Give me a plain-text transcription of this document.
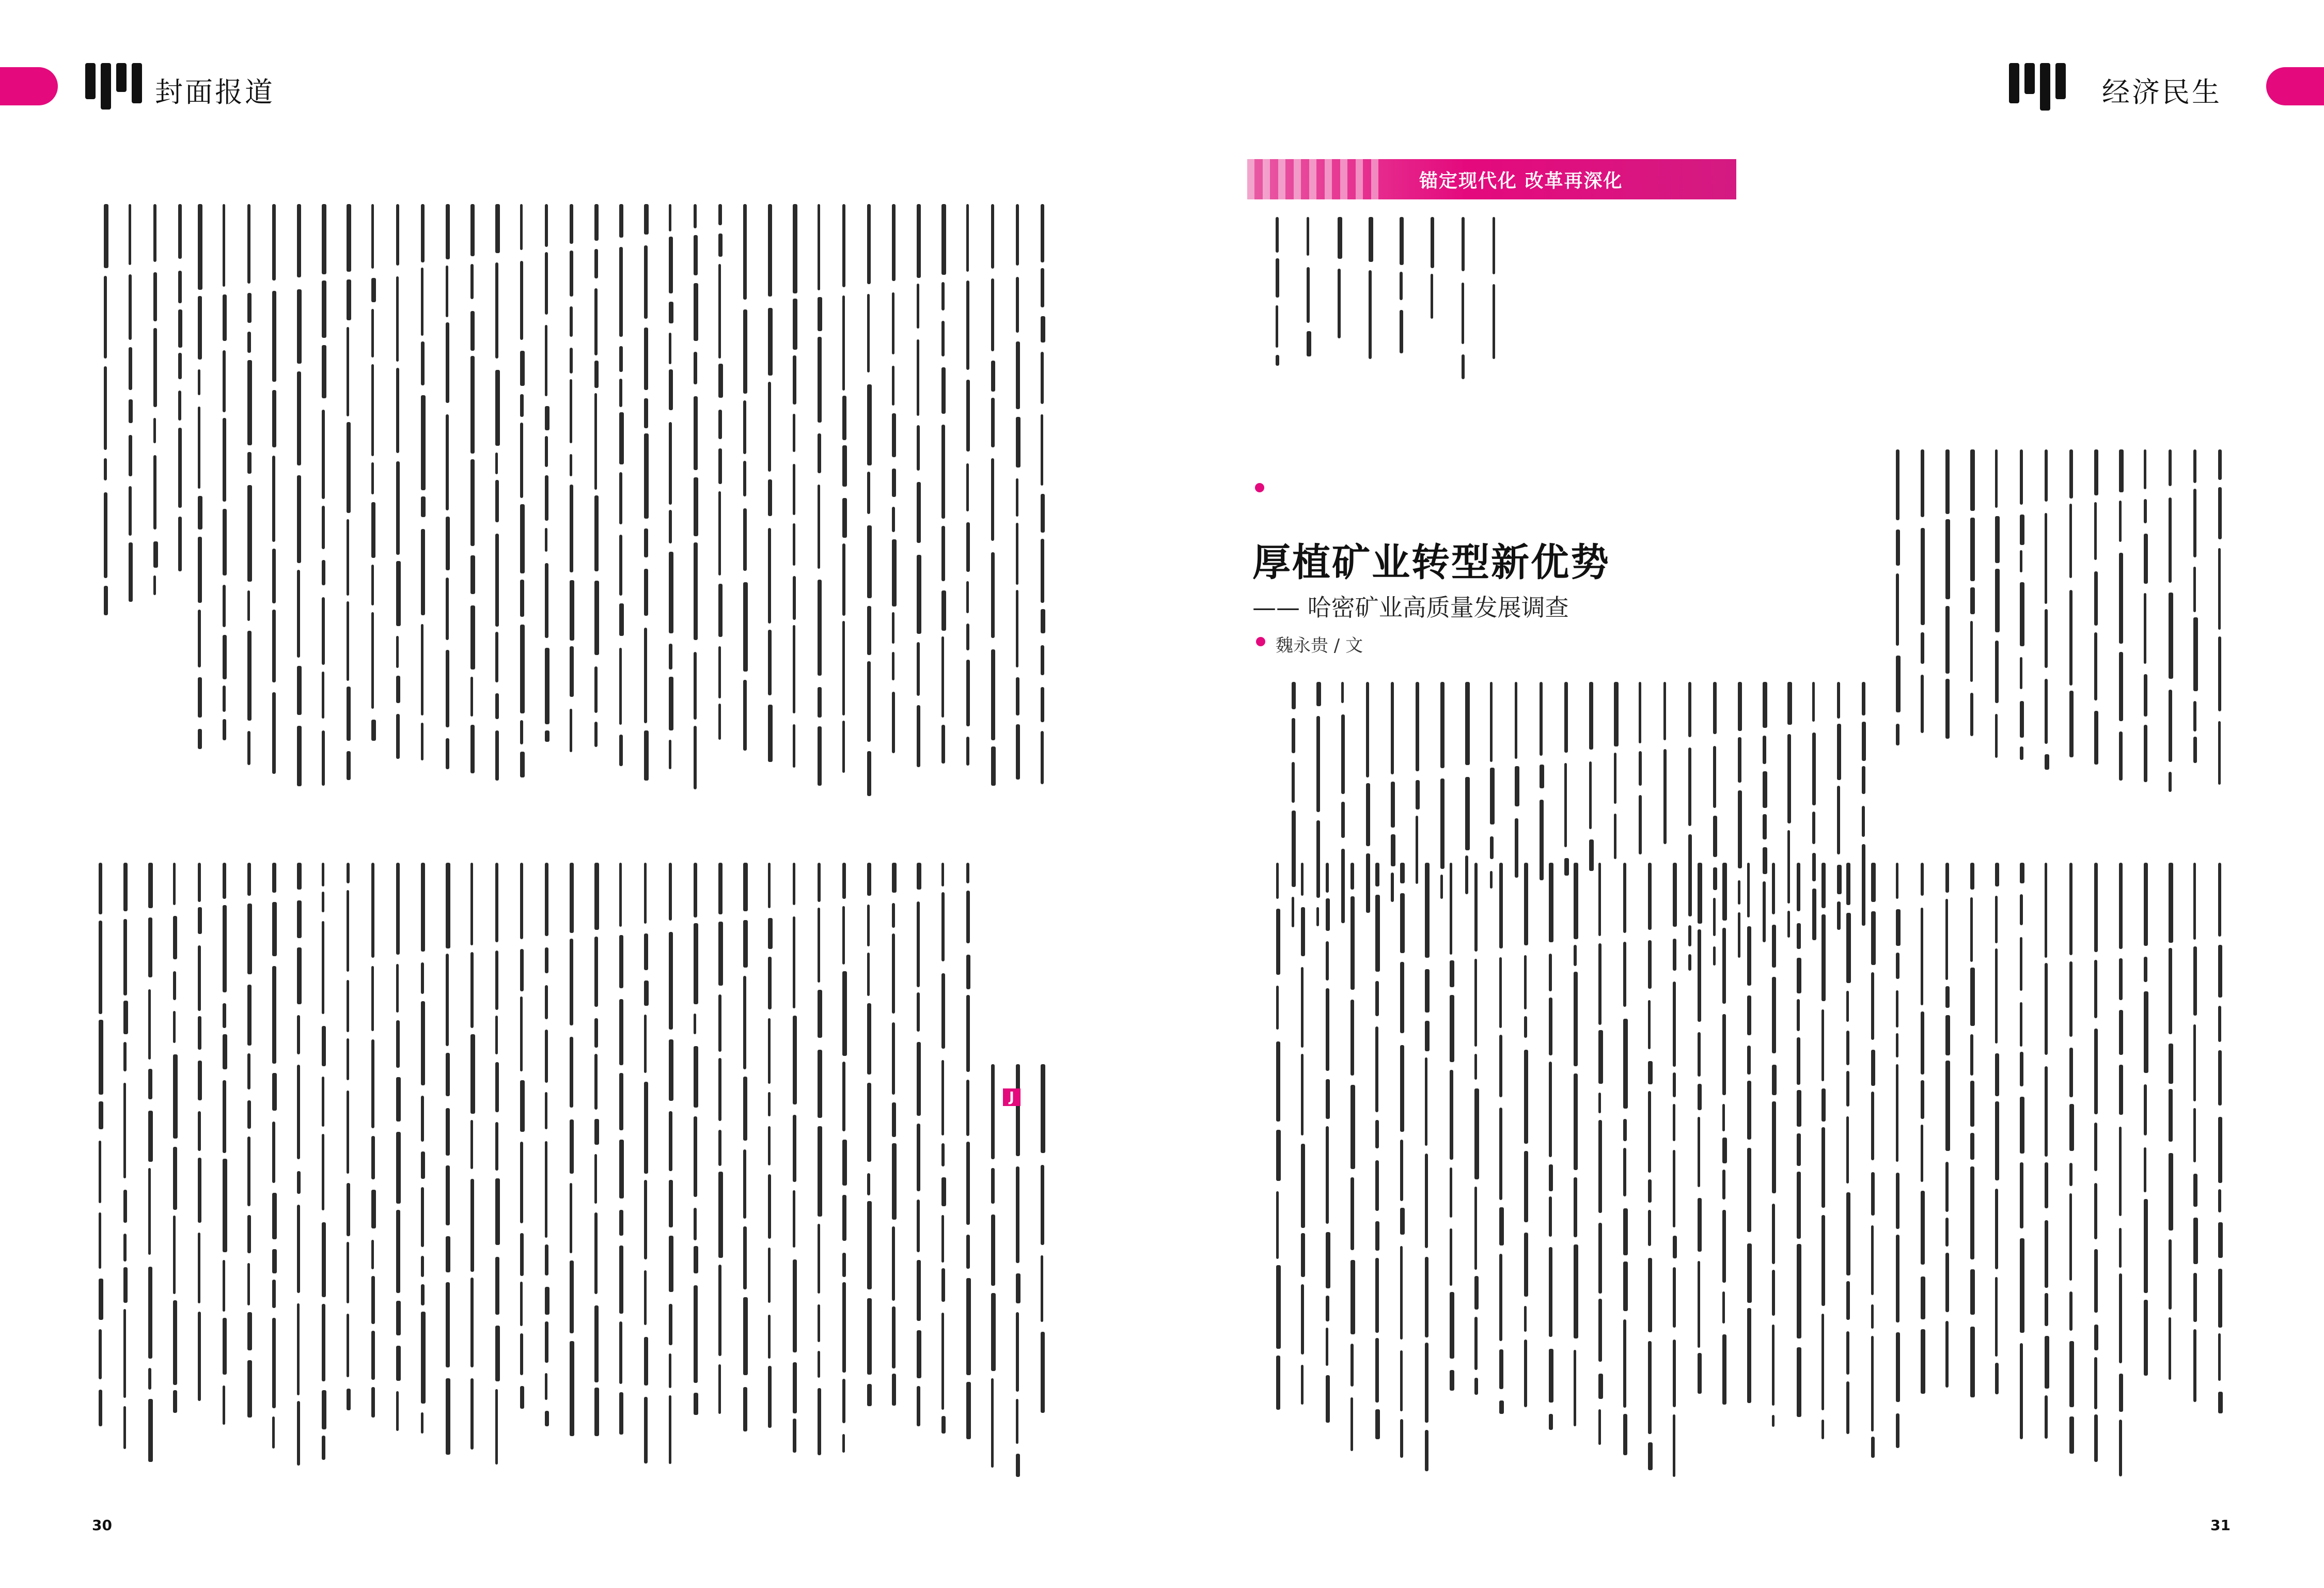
封面报道
J
30
经济民生
31
锚定现代化 改革再深化
厚植矿业转型新优势
—— 哈密矿业高质量发展调查
魏永贵 / 文
